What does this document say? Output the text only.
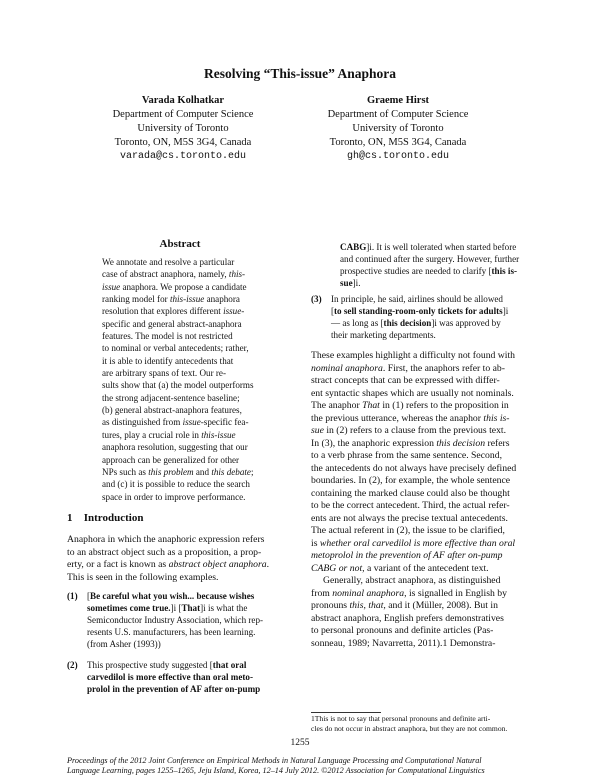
Resolving “This-issue” Anaphora
Varada Kolhatkar
Department of Computer Science
University of Toronto
Toronto, ON, M5S 3G4, Canada
varada@cs.toronto.edu
Graeme Hirst
Department of Computer Science
University of Toronto
Toronto, ON, M5S 3G4, Canada
gh@cs.toronto.edu
Abstract
We annotate and resolve a particular
case of abstract anaphora, namely, this-
issue anaphora. We propose a candidate
ranking model for this-issue anaphora
resolution that explores different issue-
specific and general abstract-anaphora
features. The model is not restricted
to nominal or verbal antecedents; rather,
it is able to identify antecedents that
are arbitrary spans of text. Our re-
sults show that (a) the model outperforms
the strong adjacent-sentence baseline;
(b) general abstract-anaphora features,
as distinguished from issue-specific fea-
tures, play a crucial role in this-issue
anaphora resolution, suggesting that our
approach can be generalized for other
NPs such as this problem and this debate;
and (c) it is possible to reduce the search
space in order to improve performance.
1 Introduction
Anaphora in which the anaphoric expression refers
to an abstract object such as a proposition, a prop-
erty, or a fact is known as abstract object anaphora.
This is seen in the following examples.
(1) [Be careful what you wish... because wishes
sometimes come true.]i [That]i is what the
Semiconductor Industry Association, which rep-
resents U.S. manufacturers, has been learning.
(from Asher (1993))
(2) This prospective study suggested [that oral
carvedilol is more effective than oral meto-
prolol in the prevention of AF after on-pump
CABG]i. It is well tolerated when started before
and continued after the surgery. However, further
prospective studies are needed to clarify [this is-
sue]i.
(3) In principle, he said, airlines should be allowed
[to sell standing-room-only tickets for adults]i
— as long as [this decision]i was approved by
their marketing departments.
These examples highlight a difficulty not found with
nominal anaphora. First, the anaphors refer to ab-
stract concepts that can be expressed with differ-
ent syntactic shapes which are usually not nominals.
The anaphor That in (1) refers to the proposition in
the previous utterance, whereas the anaphor this is-
sue in (2) refers to a clause from the previous text.
In (3), the anaphoric expression this decision refers
to a verb phrase from the same sentence. Second,
the antecedents do not always have precisely defined
boundaries. In (2), for example, the whole sentence
containing the marked clause could also be thought
to be the correct antecedent. Third, the actual refer-
ents are not always the precise textual antecedents.
The actual referent in (2), the issue to be clarified,
is whether oral carvedilol is more effective than oral
metoprolol in the prevention of AF after on-pump
CABG or not, a variant of the antecedent text.
Generally, abstract anaphora, as distinguished
from nominal anaphora, is signalled in English by
pronouns this, that, and it (Müller, 2008). But in
abstract anaphora, English prefers demonstratives
to personal pronouns and definite articles (Pas-
sonneau, 1989; Navarretta, 2011).1 Demonstra-
1This is not to say that personal pronouns and definite arti-
cles do not occur in abstract anaphora, but they are not common.
1255
Proceedings of the 2012 Joint Conference on Empirical Methods in Natural Language Processing and Computational Natural
Language Learning, pages 1255–1265, Jeju Island, Korea, 12–14 July 2012. ©2012 Association for Computational Linguistics
